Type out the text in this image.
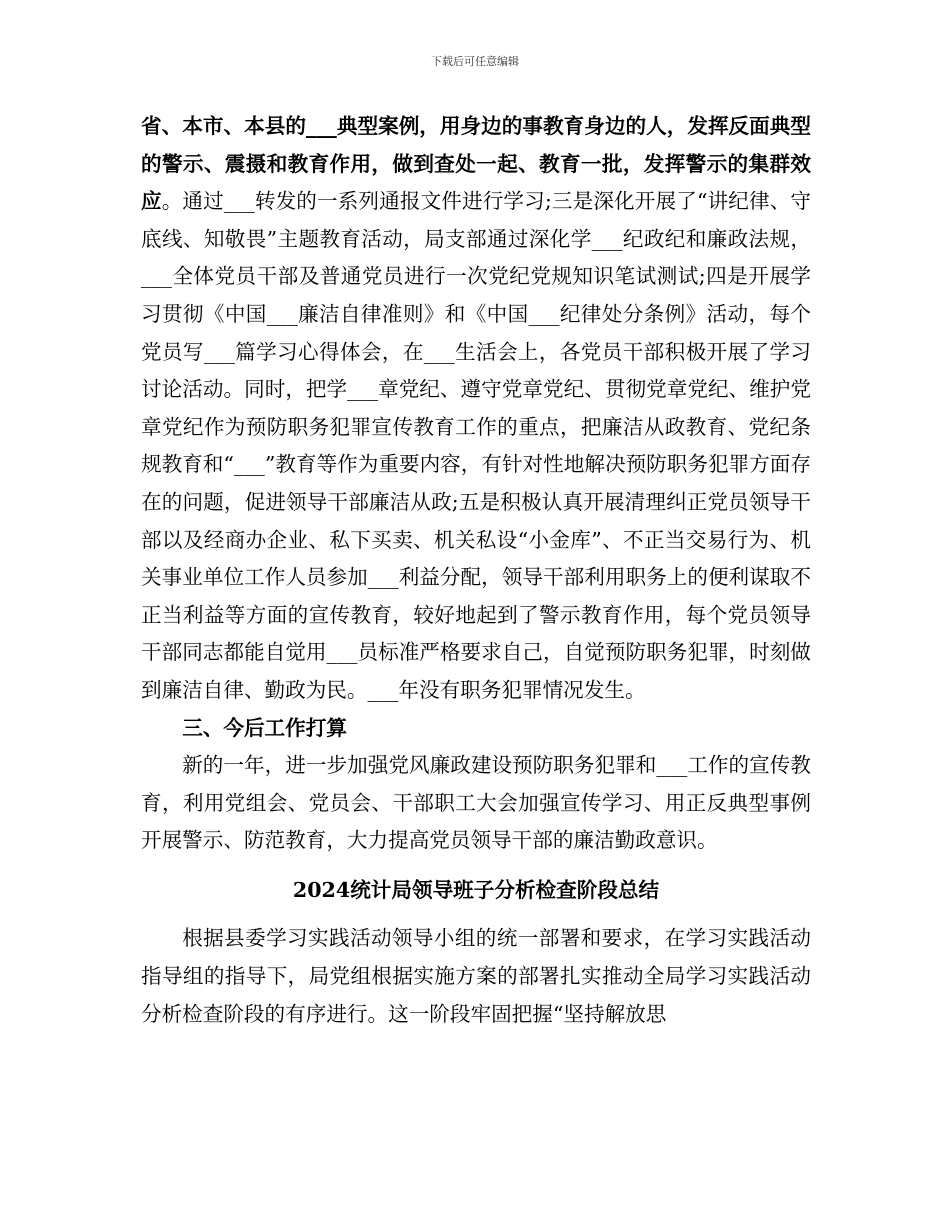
下载后可任意编辑

省、本市、本县的___典型案例，用身边的事教育身边的人，发挥反面典型的警示、震摄和教育作用，做到查处一起、教育一批，发挥警示的集群效应。通过___转发的一系列通报文件进行学习;三是深化开展了“讲纪律、守底线、知敬畏”主题教育活动，局支部通过深化学___纪政纪和廉政法规，___全体党员干部及普通党员进行一次党纪党规知识笔试测试;四是开展学习贯彻《中国___廉洁自律准则》和《中国___纪律处分条例》活动，每个党员写___篇学习心得体会，在___生活会上，各党员干部积极开展了学习讨论活动。同时，把学___章党纪、遵守党章党纪、贯彻党章党纪、维护党章党纪作为预防职务犯罪宣传教育工作的重点，把廉洁从政教育、党纪条规教育和“___”教育等作为重要内容，有针对性地解决预防职务犯罪方面存在的问题，促进领导干部廉洁从政;五是积极认真开展清理纠正党员领导干部以及经商办企业、私下买卖、机关私设“小金库”、不正当交易行为、机关事业单位工作人员参加___利益分配，领导干部利用职务上的便利谋取不正当利益等方面的宣传教育，较好地起到了警示教育作用，每个党员领导干部同志都能自觉用___员标准严格要求自己，自觉预防职务犯罪，时刻做到廉洁自律、勤政为民。___年没有职务犯罪情况发生。

三、今后工作打算

新的一年，进一步加强党风廉政建设预防职务犯罪和___工作的宣传教育，利用党组会、党员会、干部职工大会加强宣传学习、用正反典型事例开展警示、防范教育，大力提高党员领导干部的廉洁勤政意识。

2024统计局领导班子分析检查阶段总结

根据县委学习实践活动领导小组的统一部署和要求，在学习实践活动指导组的指导下，局党组根据实施方案的部署扎实推动全局学习实践活动分析检查阶段的有序进行。这一阶段牢固把握“坚持解放思
